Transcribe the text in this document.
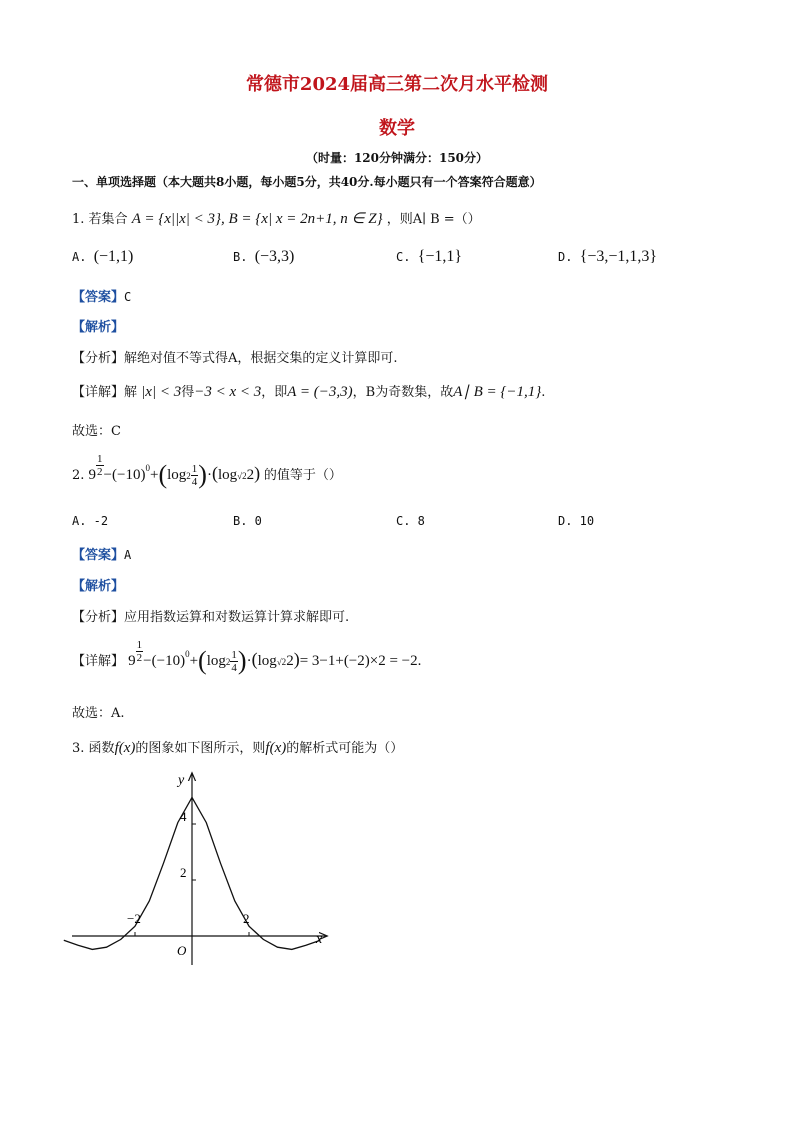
常德市2024届高三第二次月水平检测
数学
（时量：120分钟满分：150分）
一、单项选择题（本大题共8小题，每小题5分，共40分.每小题只有一个答案符合题意）
1. 若集合 A = {x||x| < 3}, B = {x| x = 2n+1, n ∈ Z} ，则A∣ B =（）
A. (−1,1)	B. (−3,3)	C. {−1,1}	D. {−3,−1,1,3}
【答案】C
【解析】
【分析】解绝对值不等式得A，根据交集的定义计算即可.
【详解】解 |x| < 3得−3 < x < 3，即A = (−3,3)，B为奇数集，故A∣ B = {−1,1}.
故选：C
2. $9 \frac{1}{2} -(-10)^0+(\log 2 \frac{1}{4} )\cdot(\log√22)$ 的值等于（）
A. -2	B. 0	C. 8	D. 10
【答案】A
【解析】
【分析】应用指数运算和对数运算计算求解即可.
【详解】 $9 \frac{1}{2} -(-10)^0+(\log 2 \frac{1}{4} )\cdot(\log√22)= 3-1+(-2)\times 2 = -2$.
故选：A.
3. 函数f(x)的图象如下图所示，则f(x)的解析式可能为（）
y
x
O
4
2
−2	2
